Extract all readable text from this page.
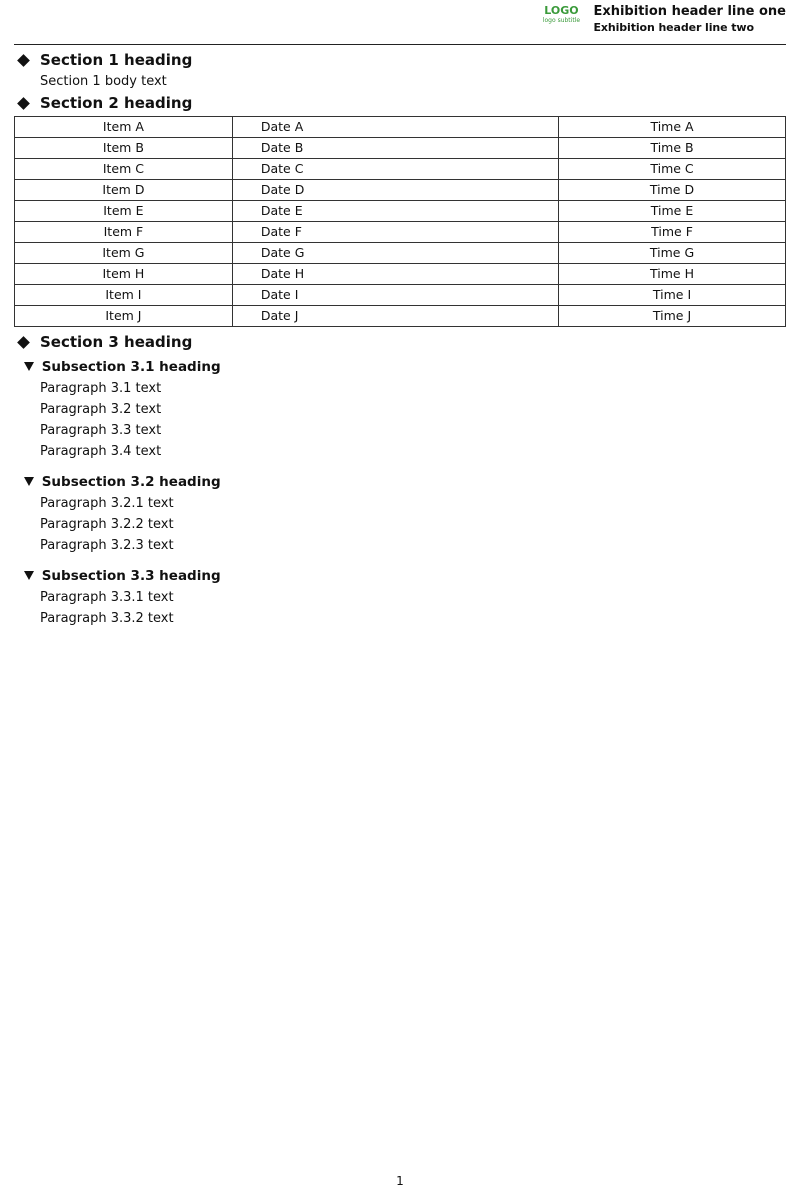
LOGO
logo subtitle
Exhibition header line one
Exhibition header line two
Section 1 heading
Section 1 body text
Section 2 heading
Item A	Date A	Time A
Item B	Date B	Time B
Item C	Date C	Time C
Item D	Date D	Time D
Item E	Date E	Time E
Item F	Date F	Time F
Item G	Date G	Time G
Item H	Date H	Time H
Item I	Date I	Time I
Item J	Date J	Time J
Section 3 heading
Subsection 3.1 heading
Paragraph 3.1 text
Paragraph 3.2 text
Paragraph 3.3 text
Paragraph 3.4 text
Subsection 3.2 heading
Paragraph 3.2.1 text
Paragraph 3.2.2 text
Paragraph 3.2.3 text
Subsection 3.3 heading
Paragraph 3.3.1 text
Paragraph 3.3.2 text
1
